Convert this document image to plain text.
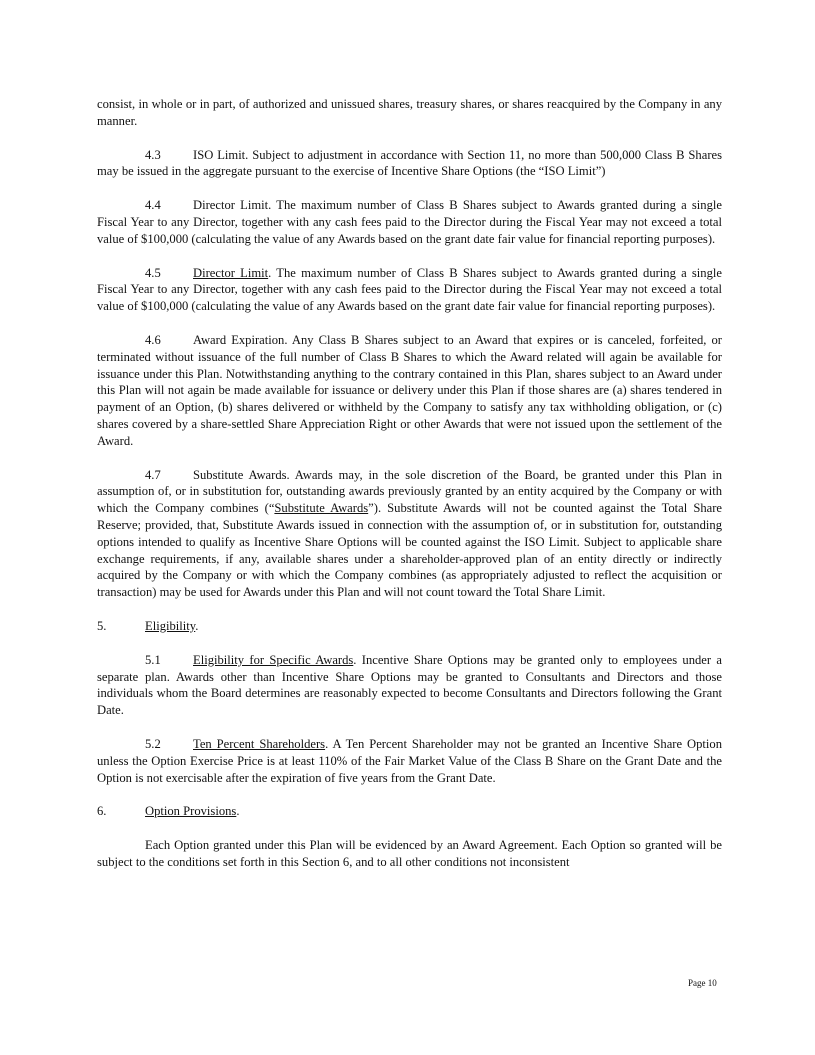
consist, in whole or in part, of authorized and unissued shares, treasury shares, or shares reacquired by the Company in any manner.

4.3	ISO Limit. Subject to adjustment in accordance with Section 11, no more than 500,000 Class B Shares may be issued in the aggregate pursuant to the exercise of Incentive Share Options (the “ISO Limit”)

4.4	Director Limit. The maximum number of Class B Shares subject to Awards granted during a single Fiscal Year to any Director, together with any cash fees paid to the Director during the Fiscal Year may not exceed a total value of $100,000 (calculating the value of any Awards based on the grant date fair value for financial reporting purposes).

4.5	Director Limit. The maximum number of Class B Shares subject to Awards granted during a single Fiscal Year to any Director, together with any cash fees paid to the Director during the Fiscal Year may not exceed a total value of $100,000 (calculating the value of any Awards based on the grant date fair value for financial reporting purposes).

4.6	Award Expiration. Any Class B Shares subject to an Award that expires or is canceled, forfeited, or terminated without issuance of the full number of Class B Shares to which the Award related will again be available for issuance under this Plan. Notwithstanding anything to the contrary contained in this Plan, shares subject to an Award under this Plan will not again be made available for issuance or delivery under this Plan if those shares are (a) shares tendered in payment of an Option, (b) shares delivered or withheld by the Company to satisfy any tax withholding obligation, or (c) shares covered by a share-settled Share Appreciation Right or other Awards that were not issued upon the settlement of the Award.

4.7	Substitute Awards. Awards may, in the sole discretion of the Board, be granted under this Plan in assumption of, or in substitution for, outstanding awards previously granted by an entity acquired by the Company or with which the Company combines (“Substitute Awards”). Substitute Awards will not be counted against the Total Share Reserve; provided, that, Substitute Awards issued in connection with the assumption of, or in substitution for, outstanding options intended to qualify as Incentive Share Options will be counted against the ISO Limit. Subject to applicable share exchange requirements, if any, available shares under a shareholder-approved plan of an entity directly or indirectly acquired by the Company or with which the Company combines (as appropriately adjusted to reflect the acquisition or transaction) may be used for Awards under this Plan and will not count toward the Total Share Limit.

5.	Eligibility.

5.1	Eligibility for Specific Awards. Incentive Share Options may be granted only to employees under a separate plan. Awards other than Incentive Share Options may be granted to Consultants and Directors and those individuals whom the Board determines are reasonably expected to become Consultants and Directors following the Grant Date.

5.2	Ten Percent Shareholders. A Ten Percent Shareholder may not be granted an Incentive Share Option unless the Option Exercise Price is at least 110% of the Fair Market Value of the Class B Share on the Grant Date and the Option is not exercisable after the expiration of five years from the Grant Date.

6.	Option Provisions.

Each Option granted under this Plan will be evidenced by an Award Agreement. Each Option so granted will be subject to the conditions set forth in this Section 6, and to all other conditions not inconsistent

Page 10
